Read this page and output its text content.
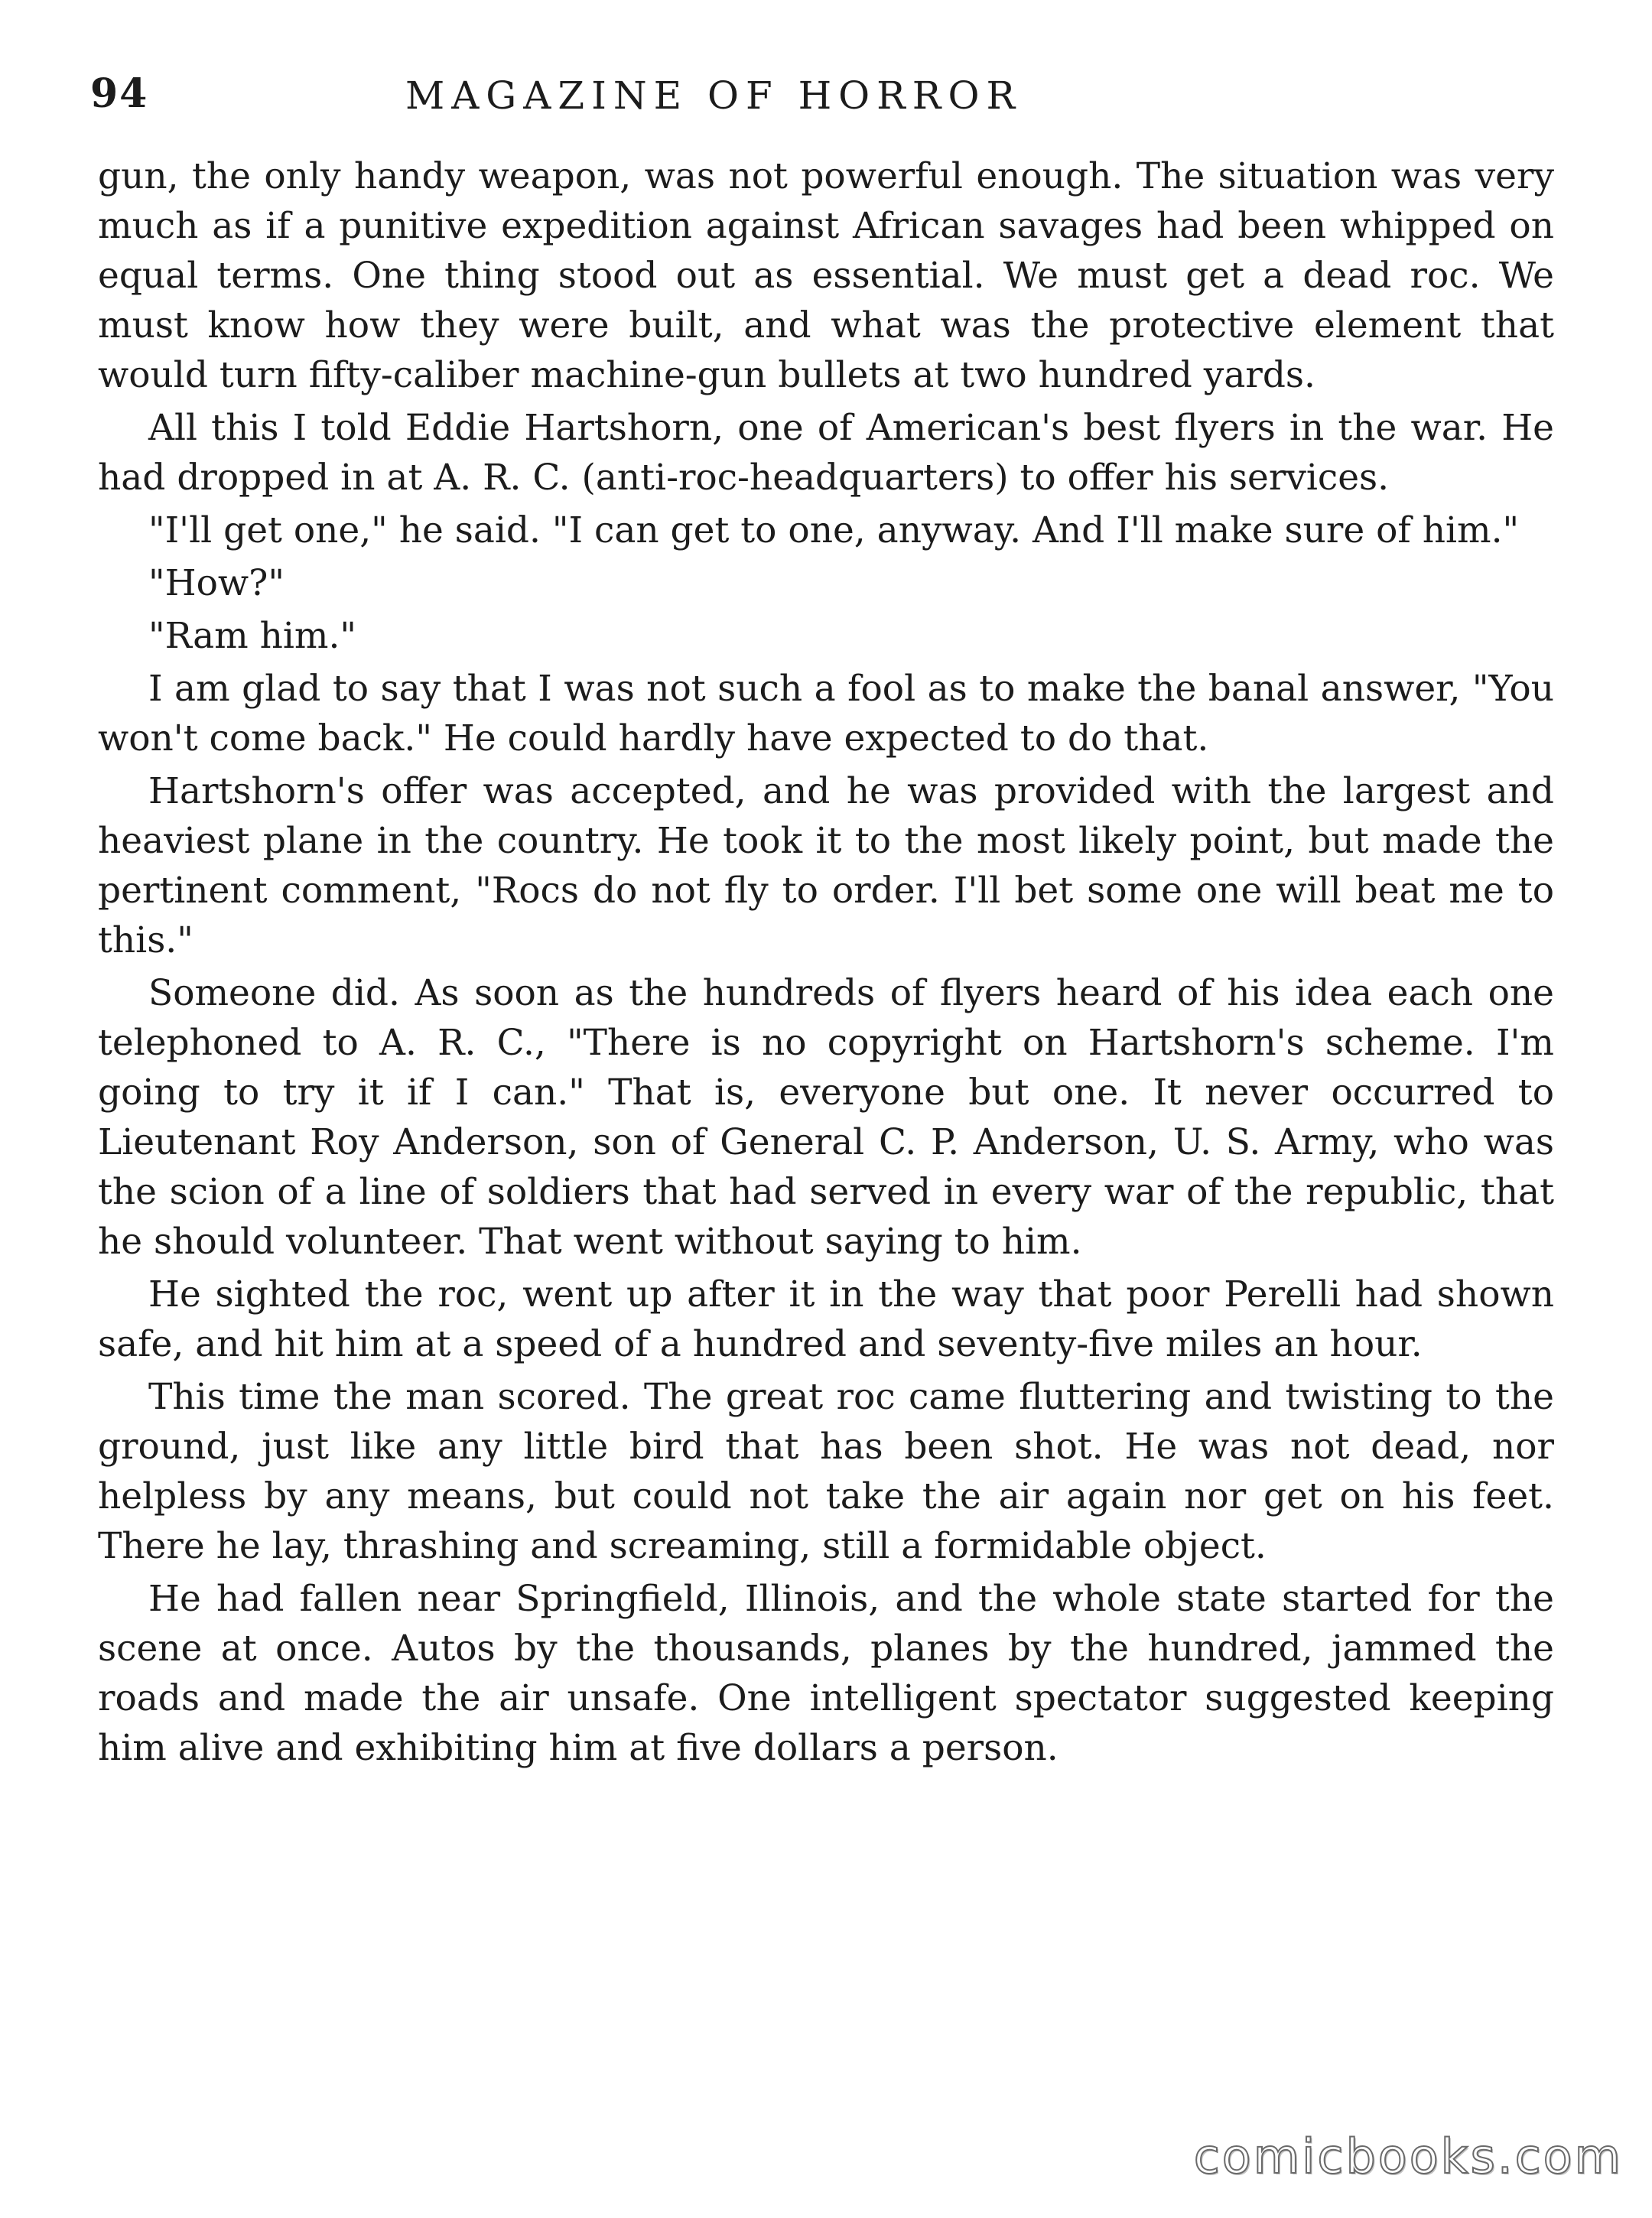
94	MAGAZINE OF HORROR

gun, the only handy weapon, was not powerful enough. The situation was very much as if a punitive expedition against African savages had been whipped on equal terms. One thing stood out as essential. We must get a dead roc. We must know how they were built, and what was the protective element that would turn fifty-caliber machine-gun bullets at two hundred yards.

All this I told Eddie Hartshorn, one of American's best flyers in the war. He had dropped in at A. R. C. (anti-roc-headquarters) to offer his services.

"I'll get one," he said. "I can get to one, anyway. And I'll make sure of him."

"How?"

"Ram him."

I am glad to say that I was not such a fool as to make the banal answer, "You won't come back." He could hardly have expected to do that.

Hartshorn's offer was accepted, and he was provided with the largest and heaviest plane in the country. He took it to the most likely point, but made the pertinent comment, "Rocs do not fly to order. I'll bet some one will beat me to this."

Someone did. As soon as the hundreds of flyers heard of his idea each one telephoned to A. R. C., "There is no copyright on Hartshorn's scheme. I'm going to try it if I can." That is, everyone but one. It never occurred to Lieutenant Roy Anderson, son of General C. P. Anderson, U. S. Army, who was the scion of a line of soldiers that had served in every war of the republic, that he should volunteer. That went without saying to him.

He sighted the roc, went up after it in the way that poor Perelli had shown safe, and hit him at a speed of a hundred and seventy-five miles an hour.

This time the man scored. The great roc came fluttering and twisting to the ground, just like any little bird that has been shot. He was not dead, nor helpless by any means, but could not take the air again nor get on his feet. There he lay, thrashing and screaming, still a formidable object.

He had fallen near Springfield, Illinois, and the whole state started for the scene at once. Autos by the thousands, planes by the hundred, jammed the roads and made the air unsafe. One intelligent spectator suggested keeping him alive and exhibiting him at five dollars a person.

comicbooks.com
